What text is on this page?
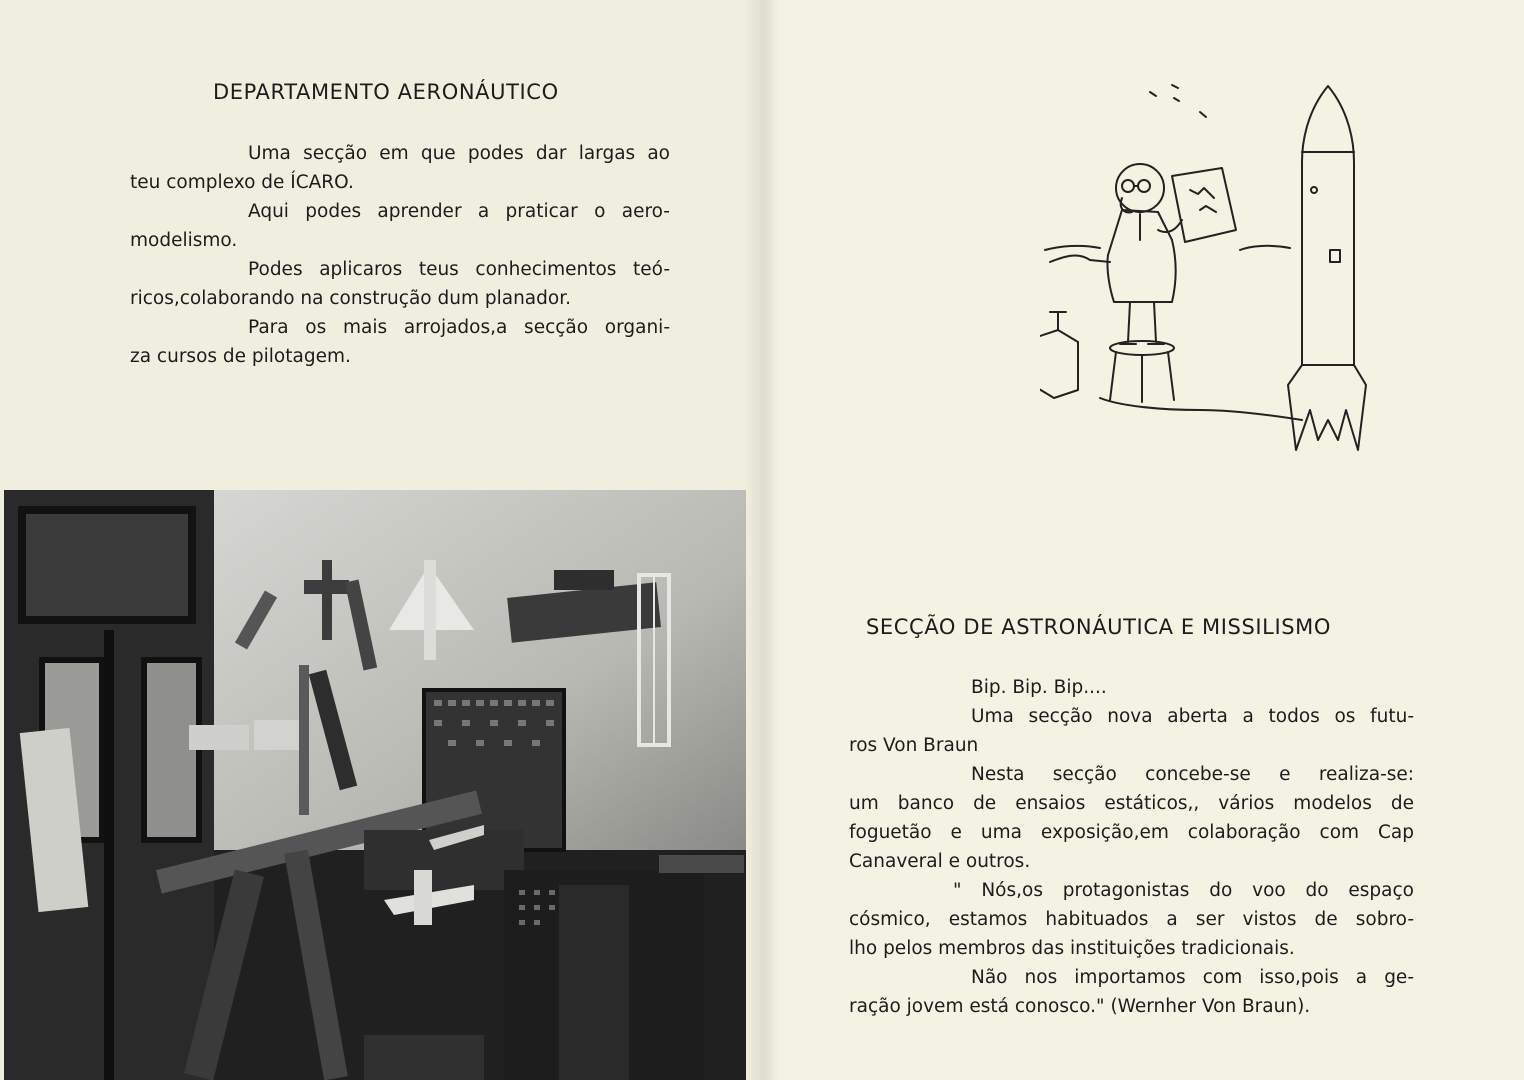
DEPARTAMENTO AERONÁUTICO
Uma secção em que podes dar largas ao
teu complexo de ÍCARO.
Aqui podes aprender a praticar o aero-
modelismo.
Podes aplicaros teus conhecimentos teó-
ricos,colaborando na construção dum planador.
Para os mais arrojados,a secção organi-
za cursos de pilotagem.
SECÇÃO DE ASTRONÁUTICA E MISSILISMO
Bip. Bip. Bip....
Uma secção nova aberta a todos os futu-
ros Von Braun
Nesta secção concebe-se e realiza-se:
um banco de ensaios estáticos,, vários modelos de
foguetão e uma exposição,em colaboração com Cap
Canaveral e outros.
" Nós,os protagonistas do voo do espaço
cósmico, estamos habituados a ser vistos de sobro-
lho pelos membros das instituições tradicionais.
Não nos importamos com isso,pois a ge-
ração jovem está conosco." (Wernher Von Braun).
